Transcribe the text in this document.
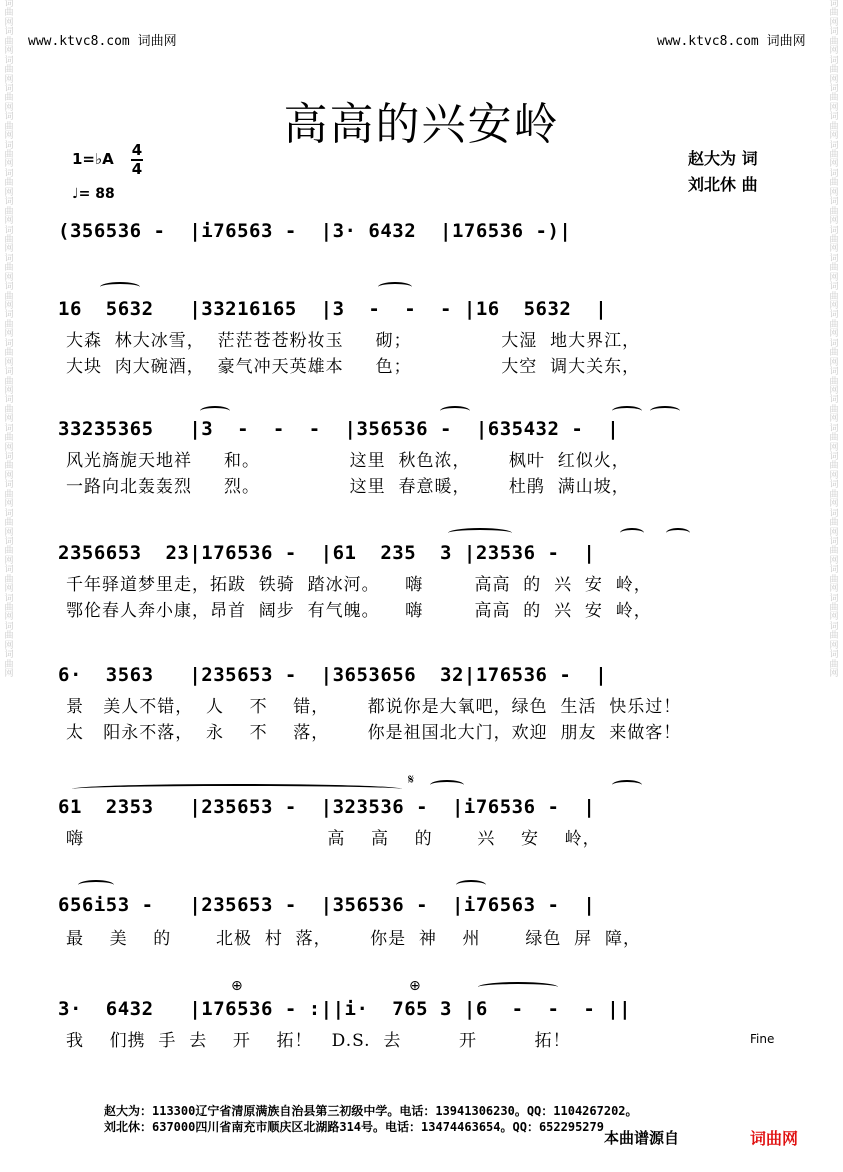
词曲网词曲网词曲网词曲网词曲网词曲网词曲网词曲网词曲网词曲网词曲网词曲网词曲网词曲网词曲网词曲网词曲网词曲网词曲网词曲网词曲网词曲网词曲网词曲网
词曲网词曲网词曲网词曲网词曲网词曲网词曲网词曲网词曲网词曲网词曲网词曲网词曲网词曲网词曲网词曲网词曲网词曲网词曲网词曲网词曲网词曲网词曲网词曲网
www.ktvc8.com 词曲网	www.ktvc8.com 词曲网
高高的兴安岭
赵大为 词
刘北休 曲
1=♭A 4
4
♩= 88
(356536 -  |i76563 -  |3· 6432  |176536 -)|
16  5632   |33216165  |3  -  -  - |16  5632  |
大森  林大冰雪，  茫茫苍苍粉妆玉     砌；              大湿  地大界江，
大块  肉大碗酒，  豪气冲天英雄本     色；              大空  调大关东，
33235365   |3  -  -  -  |356536 -  |635432 -  |
风光旖旎天地祥     和。              这里  秋色浓，      枫叶  红似火，
一路向北轰轰烈     烈。              这里  春意暖，      杜鹃  满山坡，
2356653  23|176536 -  |61  235  3 |23536 -  |
千年驿道梦里走，拓跋  铁骑  踏冰河。    嗨        高高  的  兴  安  岭，
鄂伦春人奔小康，昂首  阔步  有气魄。    嗨        高高  的  兴  安  岭，
6·  3563   |235653 -  |3653656  32|176536 -  |
景   美人不错，  人    不    错，      都说你是大氧吧，绿色  生活  快乐过！
太   阳永不落，  永    不    落，      你是祖国北大门，欢迎  朋友  来做客！
𝄋
61  2353   |235653 -  |323536 -  |i76536 -  |
嗨                                      高    高    的       兴    安    岭，
656i53 -   |235653 -  |356536 -  |i76563 -  |
最    美    的       北极  村  落，      你是  神    州       绿色  屏  障，
⊕	⊕
3·  6432   |176536 - :||i·  765 3 |6  -  -  - ||
我    们携  手  去    开    拓！   D.S.  去         开         拓！	Fine
赵大为：113300辽宁省清原满族自治县第三初级中学。电话：13941306230。QQ：1104267202。
刘北休：637000四川省南充市顺庆区北湖路314号。电话：13474463654。QQ：652295279
本曲谱源自	词曲网
